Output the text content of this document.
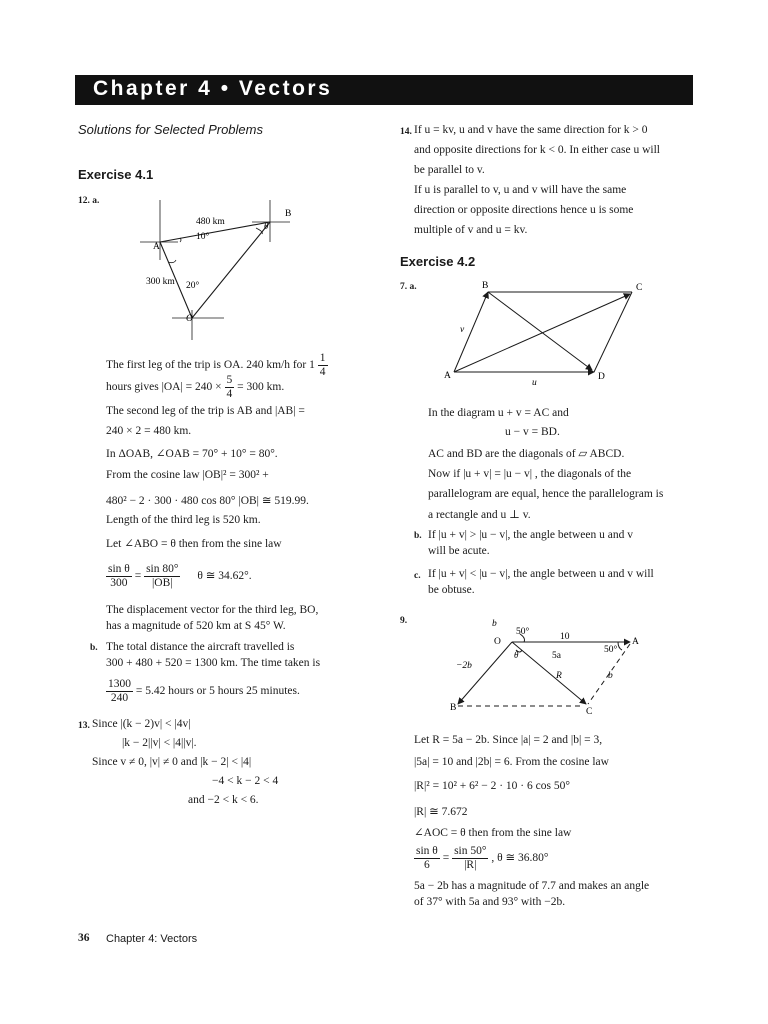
Chapter 4 • Vectors
Solutions for Selected Problems
Exercise 4.1
12. a.
B
A
O
θ
480 km
10°
300 km 20°
The first leg of the trip is OA. 240 km/h for $1 \frac{1}{4}$
hours gives $|OA| = 240 \times \frac{5}{4} = 300$ km.
The second leg of the trip is AB and |AB| =
240 × 2 = 480 km.
In ΔOAB, ∠OAB = 70° + 10° = 80°.
From the cosine law |OB|² = 300² +
480² − 2 · 300 · 480 cos 80° |OB| ≅ 519.99.
Length of the third leg is 520 km.
Let ∠ABO = θ then from the sine law
$\frac{\text{sin θ}}{300} = \frac{\sin 80^\circ}{|OB|}$ θ ≅ 34.62°.
The displacement vector for the third leg, BO,
has a magnitude of 520 km at S 45° W.
b. The total distance the aircraft travelled is
300 + 480 + 520 = 1300 km. The time taken is
$\frac{1300}{240} = 5.42$ hours or 5 hours 25 minutes.
13. Since |(k − 2)v| < |4v|
|k − 2||v| < |4||v|.
Since v ≠ 0, |v| ≠ 0 and |k − 2| < |4|
−4 < k − 2 < 4
and −2 < k < 6.
14. If u = kv, u and v have the same direction for k > 0
and opposite directions for k < 0. In either case u will
be parallel to v.
If u is parallel to v, u and v will have the same
direction or opposite directions hence u is some
multiple of v and u = kv.
Exercise 4.2
7. a.
A
B	C
D
v
u
In the diagram u + v = AC and
u − v = BD.
AC and BD are the diagonals of ▱ ABCD.
Now if |u + v| = |u − v| , the diagonals of the
parallelogram are equal, hence the parallelogram is
a rectangle and u ⊥ v.
b. If |u + v| > |u − v|, the angle between u and v
will be acute.
c. If |u + v| < |u − v|, the angle between u and v will
be obtuse.
9.	b
O
50°	10	A
5a
50°
θ
−2b
R	b
B	C
Let R = 5a − 2b. Since |a| = 2 and |b| = 3,
|5a| = 10 and |2b| = 6. From the cosine law
|R|² = 10² + 6² − 2 · 10 · 6 cos 50°
|R| ≅ 7.672
∠AOC = θ then from the sine law
$\frac{\text{sin θ}}{6} = \frac{\sin 50^\circ}{|R|}$ , θ ≅ 36.80°
5a − 2b has a magnitude of 7.7 and makes an angle
of 37° with 5a and 93° with −2b.
36 Chapter 4: Vectors
